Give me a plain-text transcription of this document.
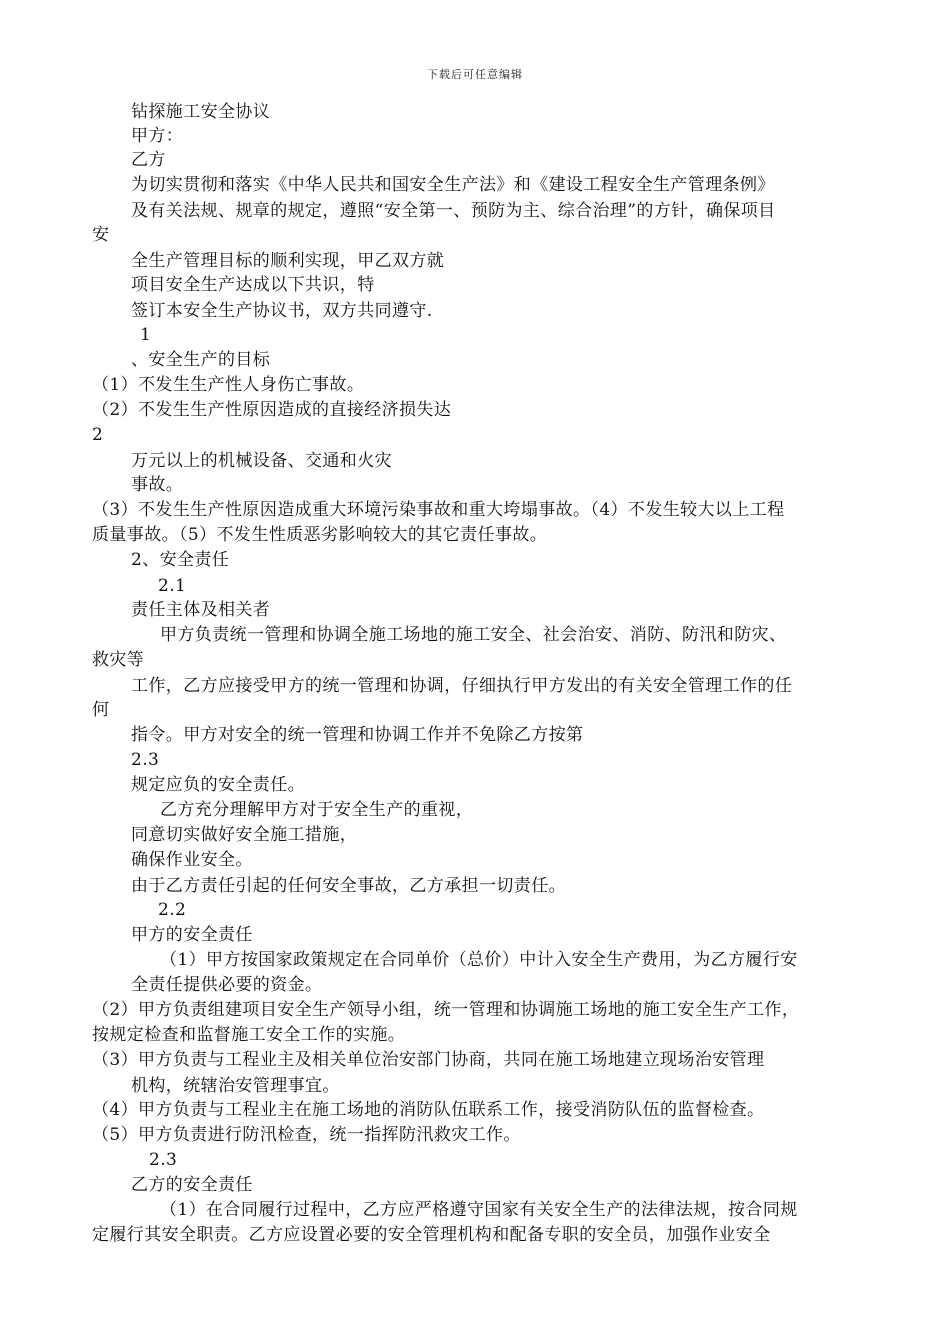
下载后可任意编辑
钻探施工安全协议
甲方：
乙方
为切实贯彻和落实《中华人民共和国安全生产法》和《建设工程安全生产管理条例》
及有关法规、规章的规定，遵照“安全第一、预防为主、综合治理”的方针，确保项目
安
全生产管理目标的顺利实现，甲乙双方就
项目安全生产达成以下共识，特
签订本安全生产协议书，双方共同遵守.
1
、安全生产的目标
（1）不发生生产性人身伤亡事故。
（2）不发生生产性原因造成的直接经济损失达
2
万元以上的机械设备、交通和火灾
事故。
（3）不发生生产性原因造成重大环境污染事故和重大垮塌事故。（4）不发生较大以上工程
质量事故。（5）不发生性质恶劣影响较大的其它责任事故。
2、安全责任
2.1
责任主体及相关者
甲方负责统一管理和协调全施工场地的施工安全、社会治安、消防、防汛和防灾、
救灾等
工作，乙方应接受甲方的统一管理和协调，仔细执行甲方发出的有关安全管理工作的任
何
指令。甲方对安全的统一管理和协调工作并不免除乙方按第
2.3
规定应负的安全责任。
乙方充分理解甲方对于安全生产的重视，
同意切实做好安全施工措施，
确保作业安全。
由于乙方责任引起的任何安全事故，乙方承担一切责任。
2.2
甲方的安全责任
（1）甲方按国家政策规定在合同单价（总价）中计入安全生产费用，为乙方履行安
全责任提供必要的资金。
（2）甲方负责组建项目安全生产领导小组，统一管理和协调施工场地的施工安全生产工作，
按规定检查和监督施工安全工作的实施。
（3）甲方负责与工程业主及相关单位治安部门协商，共同在施工场地建立现场治安管理
机构，统辖治安管理事宜。
（4）甲方负责与工程业主在施工场地的消防队伍联系工作，接受消防队伍的监督检查。
（5）甲方负责进行防汛检查，统一指挥防汛救灾工作。
2.3
乙方的安全责任
（1）在合同履行过程中，乙方应严格遵守国家有关安全生产的法律法规，按合同规
定履行其安全职责。乙方应设置必要的安全管理机构和配备专职的安全员，加强作业安全
